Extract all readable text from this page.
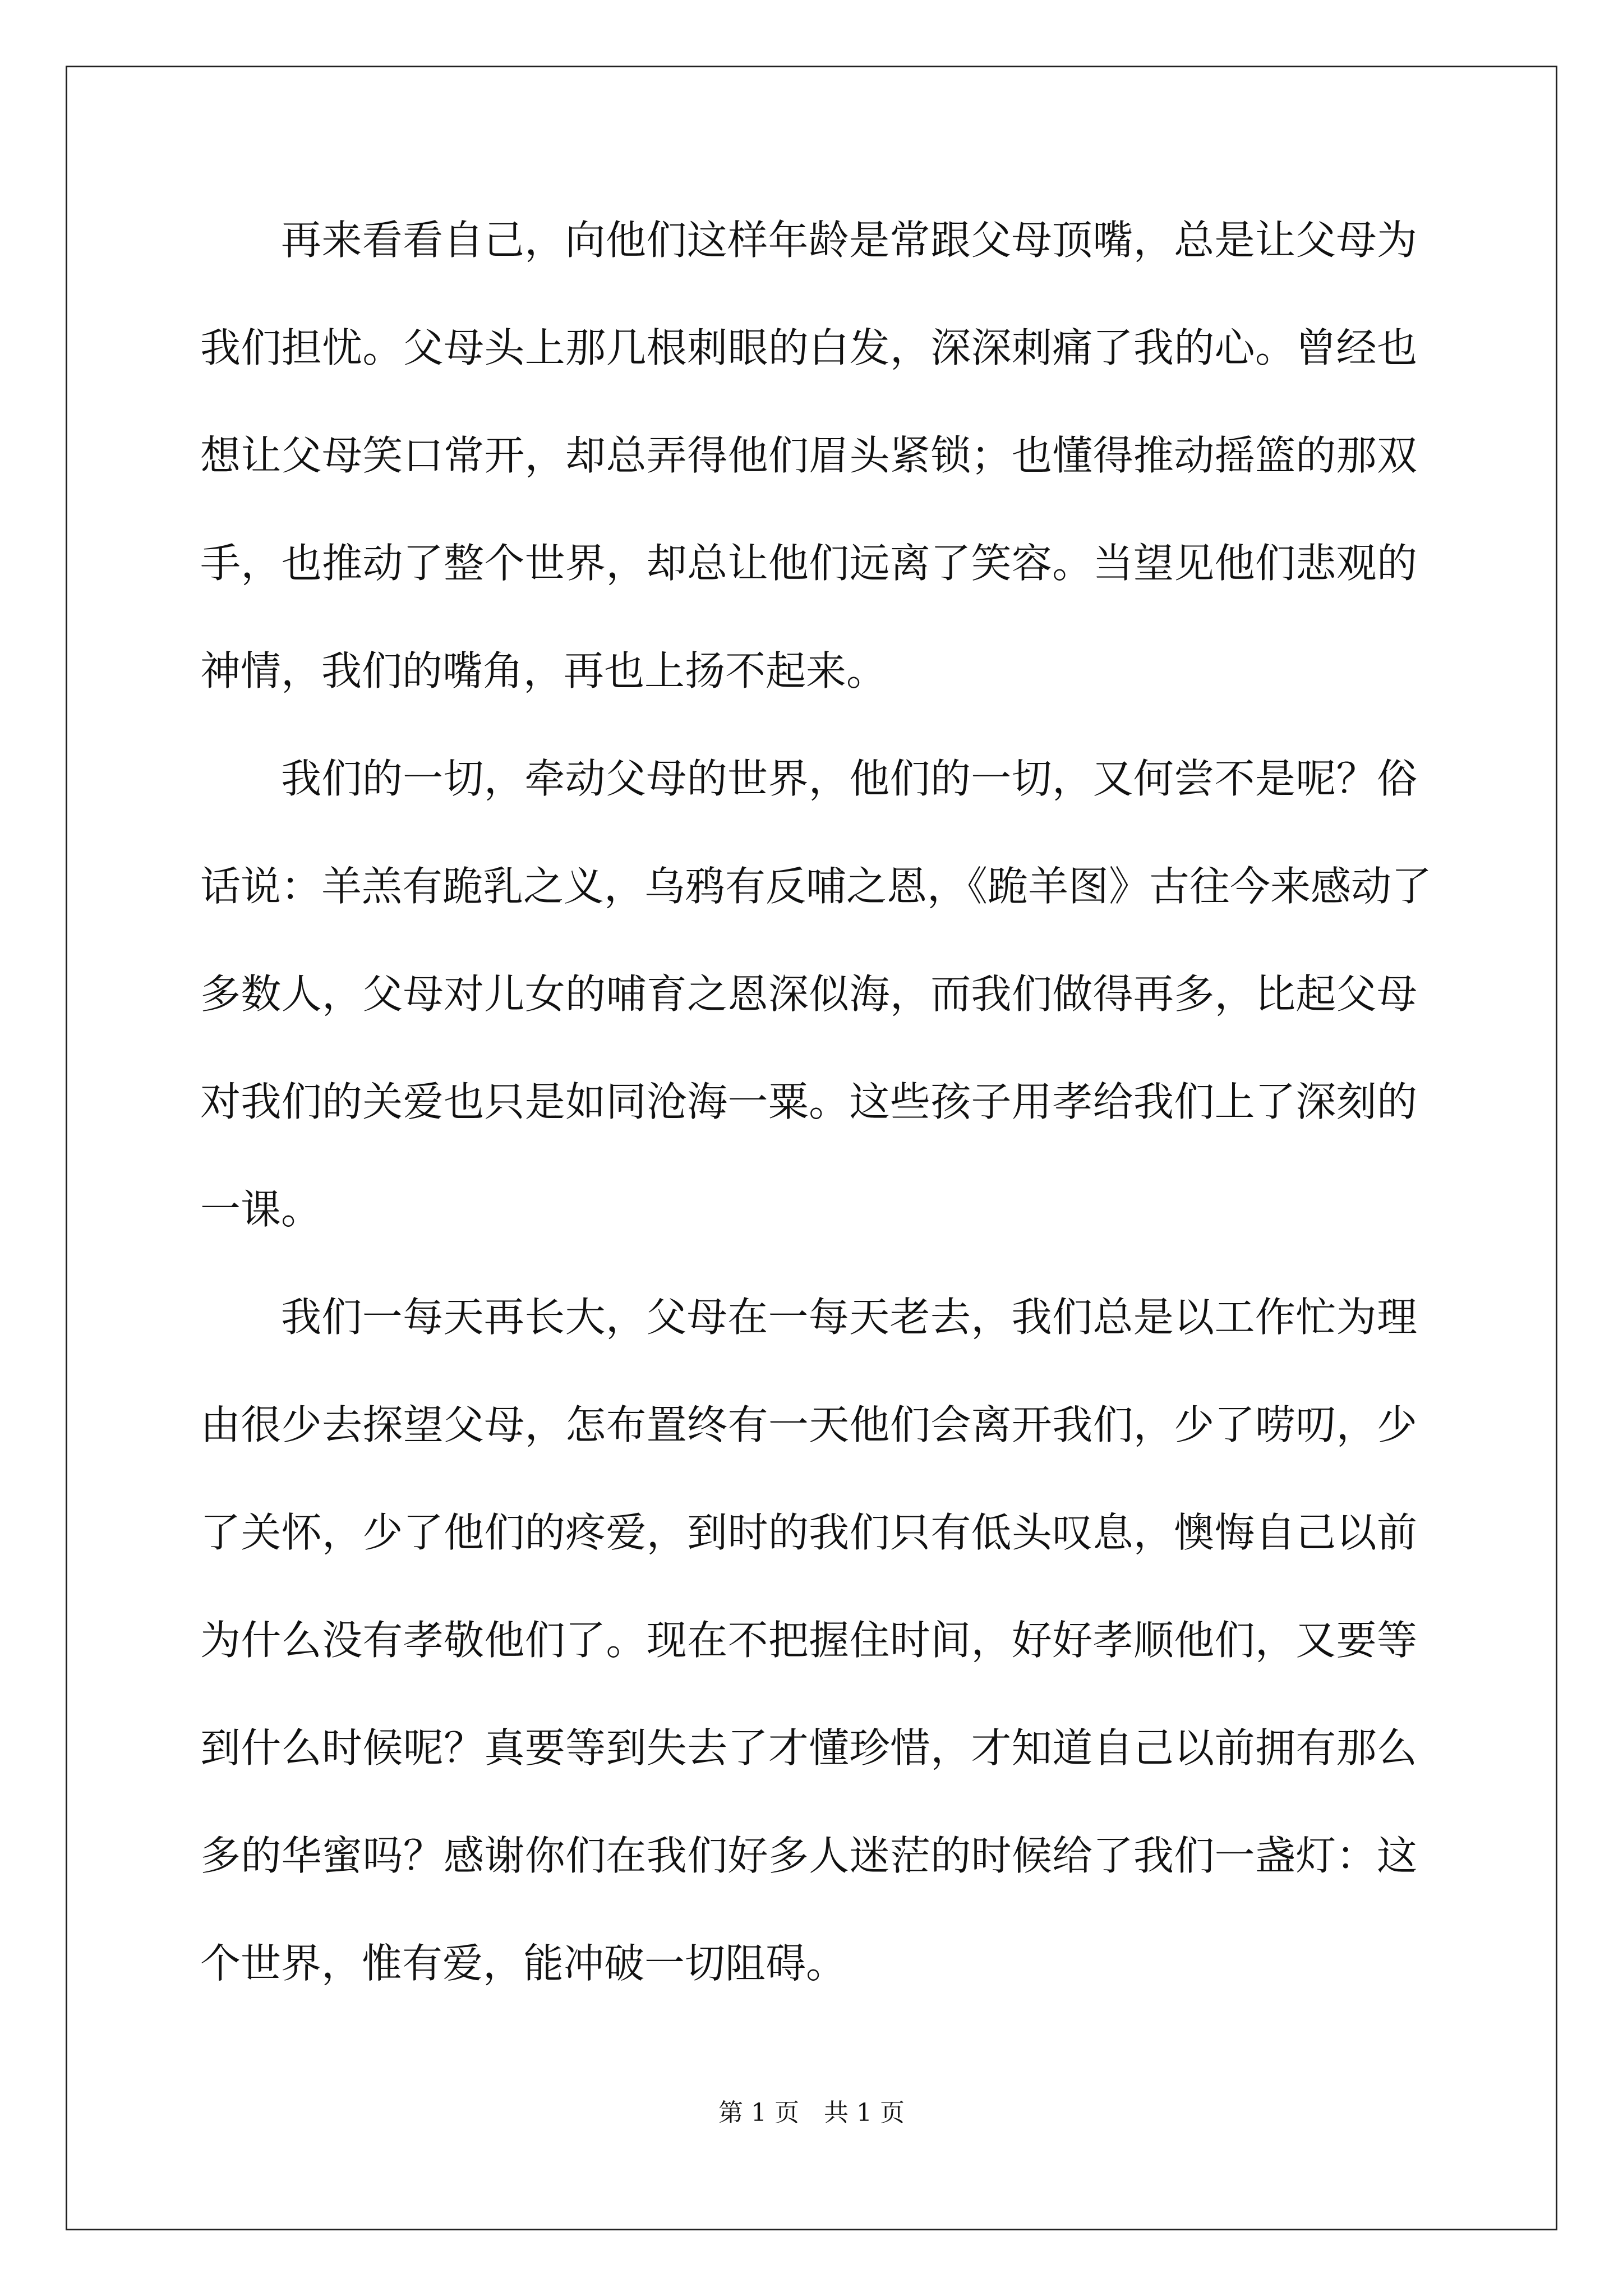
再来看看自己，向他们这样年龄是常跟父母顶嘴，总是让父母为
我们担忧。父母头上那几根刺眼的白发，深深刺痛了我的心。曾经也
想让父母笑口常开，却总弄得他们眉头紧锁；也懂得推动摇篮的那双
手，也推动了整个世界，却总让他们远离了笑容。当望见他们悲观的
神情，我们的嘴角，再也上扬不起来。
我们的一切，牵动父母的世界，他们的一切，又何尝不是呢？俗
话说：羊羔有跪乳之义，乌鸦有反哺之恩，《跪羊图》古往今来感动了
多数人，父母对儿女的哺育之恩深似海，而我们做得再多，比起父母
对我们的关爱也只是如同沧海一粟。这些孩子用孝给我们上了深刻的
一课。
我们一每天再长大，父母在一每天老去，我们总是以工作忙为理
由很少去探望父母，怎布置终有一天他们会离开我们，少了唠叨，少
了关怀，少了他们的疼爱，到时的我们只有低头叹息，懊悔自己以前
为什么没有孝敬他们了。现在不把握住时间，好好孝顺他们，又要等
到什么时候呢？真要等到失去了才懂珍惜，才知道自己以前拥有那么
多的华蜜吗？感谢你们在我们好多人迷茫的时候给了我们一盏灯：这
个世界，惟有爱，能冲破一切阻碍。
第 1 页　共 1 页
